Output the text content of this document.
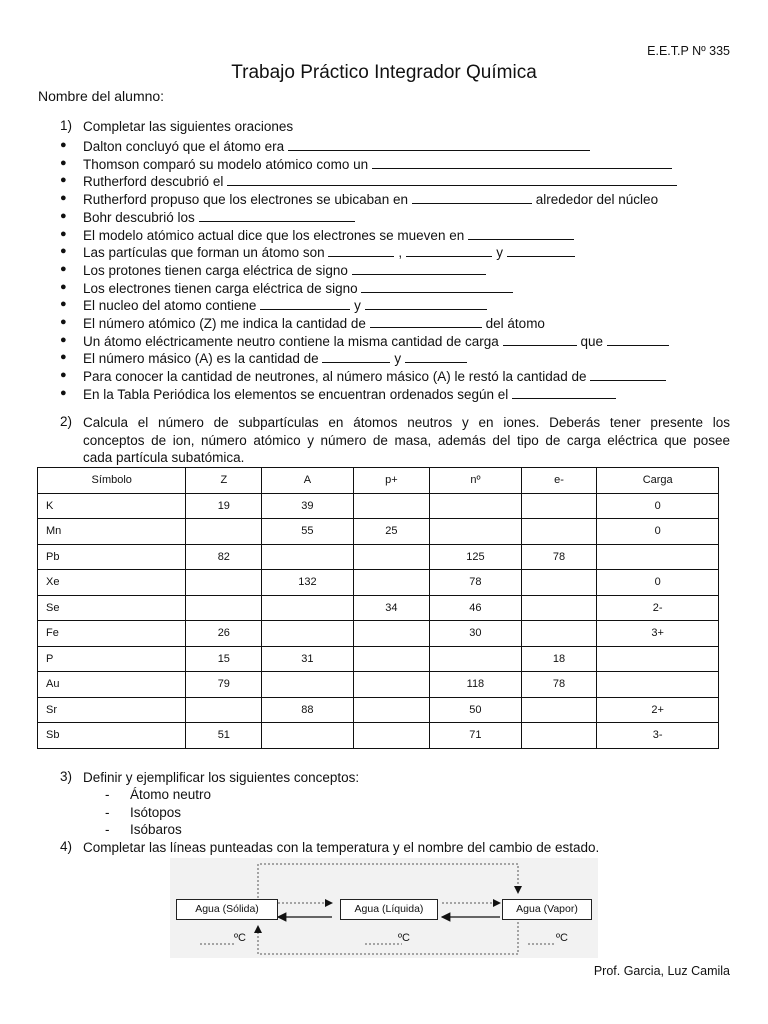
E.E.T.P Nº 335
Trabajo Práctico Integrador Química
Nombre del alumno:
1) Completar las siguientes oraciones
● Dalton concluyó que el átomo era
● Thomson comparó su modelo atómico como un
● Rutherford descubrió el
● Rutherford propuso que los electrones se ubicaban en	alrededor del núcleo
● Bohr descubrió los
● El modelo atómico actual dice que los electrones se mueven en
● Las partículas que forman un átomo son	,	y
● Los protones tienen carga eléctrica de signo
● Los electrones tienen carga eléctrica de signo
● El nucleo del atomo contiene	y
● El número atómico (Z) me indica la cantidad de	del átomo
● Un átomo eléctricamente neutro contiene la misma cantidad de carga	que
● El número másico (A) es la cantidad de	y
● Para conocer la cantidad de neutrones, al número másico (A) le restó la cantidad de
● En la Tabla Periódica los elementos se encuentran ordenados según el
2) Calcula el número de subpartículas en átomos neutros y en iones. Deberás tener presente los
conceptos de ion, número atómico y número de masa, además del tipo de carga eléctrica que posee
cada partícula subatómica.
Símbolo	Z	A	p+	nº	e-	Carga
K	19	39				0
Mn		55	25			0
Pb	82			125	78	
Xe		132		78		0
Se			34	46		2-
Fe	26			30		3+
P	15	31			18	
Au	79			118	78	
Sr		88		50		2+
Sb	51			71		3-
3) Definir y ejemplificar los siguientes conceptos:
- Átomo neutro
- Isótopos
- Isóbaros
4) Completar las líneas punteadas con la temperatura y el nombre del cambio de estado.
Agua (Sólida)	Agua (Líquida)	Agua (Vapor)
ºC	ºC	ºC
Prof. Garcia, Luz Camila
